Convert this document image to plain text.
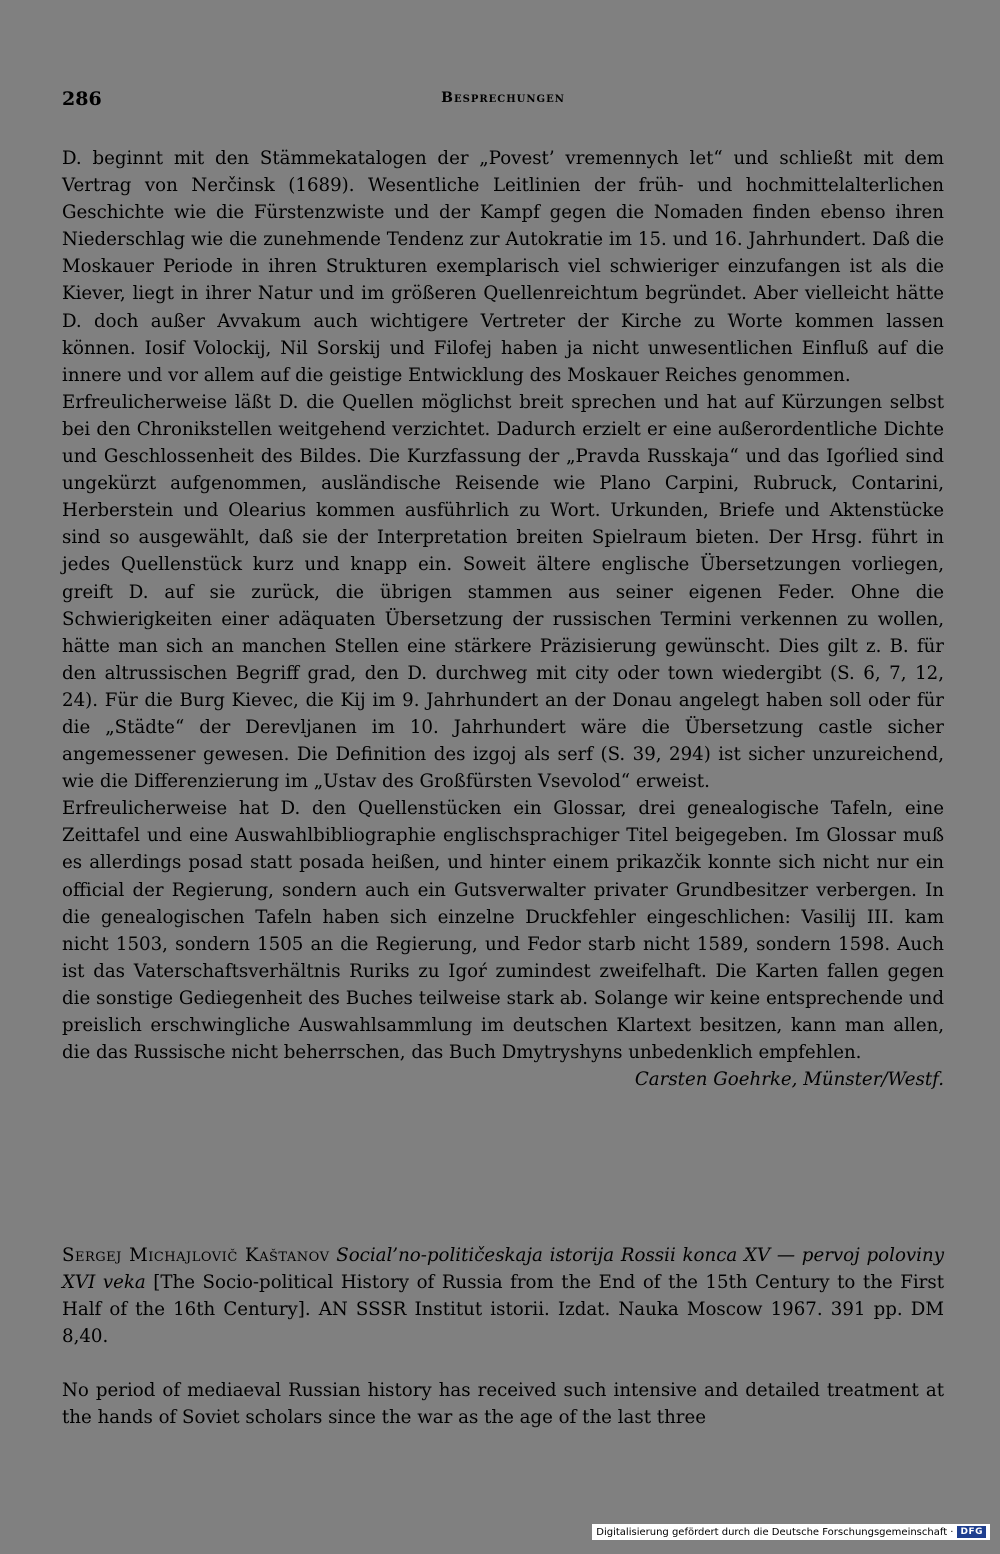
286	Besprechungen

D. beginnt mit den Stämmekatalogen der „Povest’ vremennych let“ und schließt mit dem Vertrag von Nerčinsk (1689). Wesentliche Leitlinien der früh- und hochmittelalterlichen Geschichte wie die Fürstenzwiste und der Kampf gegen die Nomaden finden ebenso ihren Niederschlag wie die zunehmende Tendenz zur Autokratie im 15. und 16. Jahrhundert. Daß die Moskauer Periode in ihren Strukturen exemplarisch viel schwieriger einzufangen ist als die Kiever, liegt in ihrer Natur und im größeren Quellenreichtum begründet. Aber vielleicht hätte D. doch außer Avvakum auch wichtigere Vertreter der Kirche zu Worte kommen lassen können. Iosif Volockij, Nil Sorskij und Filofej haben ja nicht unwesentlichen Einfluß auf die innere und vor allem auf die geistige Entwicklung des Moskauer Reiches genommen.

Erfreulicherweise läßt D. die Quellen möglichst breit sprechen und hat auf Kürzungen selbst bei den Chronikstellen weitgehend verzichtet. Dadurch erzielt er eine außerordentliche Dichte und Geschlossenheit des Bildes. Die Kurzfassung der „Pravda Russkaja“ und das Igoŕlied sind ungekürzt aufgenommen, ausländische Reisende wie Plano Carpini, Rubruck, Contarini, Herberstein und Olearius kommen ausführlich zu Wort. Urkunden, Briefe und Aktenstücke sind so ausgewählt, daß sie der Interpretation breiten Spielraum bieten. Der Hrsg. führt in jedes Quellenstück kurz und knapp ein. Soweit ältere englische Übersetzungen vorliegen, greift D. auf sie zurück, die übrigen stammen aus seiner eigenen Feder. Ohne die Schwierigkeiten einer adäquaten Übersetzung der russischen Termini verkennen zu wollen, hätte man sich an manchen Stellen eine stärkere Präzisierung gewünscht. Dies gilt z. B. für den altrussischen Begriff grad, den D. durchweg mit city oder town wiedergibt (S. 6, 7, 12, 24). Für die Burg Kievec, die Kij im 9. Jahrhundert an der Donau angelegt haben soll oder für die „Städte“ der Derevljanen im 10. Jahrhundert wäre die Übersetzung castle sicher angemessener gewesen. Die Definition des izgoj als serf (S. 39, 294) ist sicher unzureichend, wie die Differenzierung im „Ustav des Großfürsten Vsevolod“ erweist.

Erfreulicherweise hat D. den Quellenstücken ein Glossar, drei genealogische Tafeln, eine Zeittafel und eine Auswahlbibliographie englischsprachiger Titel beigegeben. Im Glossar muß es allerdings posad statt posada heißen, und hinter einem prikazčik konnte sich nicht nur ein official der Regierung, sondern auch ein Gutsverwalter privater Grundbesitzer verbergen. In die genealogischen Tafeln haben sich einzelne Druckfehler eingeschlichen: Vasilij III. kam nicht 1503, sondern 1505 an die Regierung, und Fedor starb nicht 1589, sondern 1598. Auch ist das Vaterschaftsverhältnis Ruriks zu Igoŕ zumindest zweifelhaft. Die Karten fallen gegen die sonstige Gediegenheit des Buches teilweise stark ab. Solange wir keine entsprechende und preislich erschwingliche Auswahlsammlung im deutschen Klartext besitzen, kann man allen, die das Russische nicht beherrschen, das Buch Dmytryshyns unbedenklich empfehlen.

Carsten Goehrke, Münster/Westf.

Sergej Michajlovič Kaštanov Social’no-političeskaja istorija Rossii konca XV — pervoj poloviny XVI veka [The Socio-political History of Russia from the End of the 15th Century to the First Half of the 16th Century]. AN SSSR Institut istorii. Izdat. Nauka Moscow 1967. 391 pp. DM 8,40.

No period of mediaeval Russian history has received such intensive and detailed treatment at the hands of Soviet scholars since the war as the age of the last three

Digitalisierung gefördert durch die Deutsche Forschungsgemeinschaft · DFG
